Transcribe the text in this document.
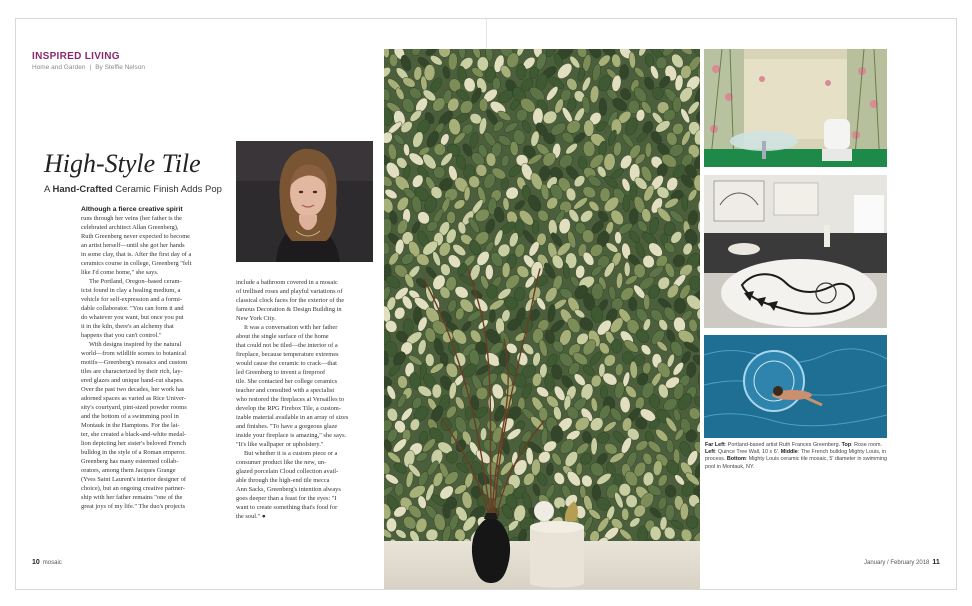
INSPIRED LIVING
Home and Garden | By Steffie Nelson
High-Style Tile
A Hand-Crafted Ceramic Finish Adds Pop

Although a fierce creative spirit
runs through her veins (her father is the
celebrated architect Allan Greenberg),
Ruth Greenberg never expected to become
an artist herself—until she got her hands
in some clay, that is. After the first day of a
ceramics course in college, Greenberg "felt
like I'd come home," she says.

The Portland, Oregon–based ceram-
icist found in clay a healing medium, a
vehicle for self-expression and a formi-
dable collaborator. "You can form it and
do whatever you want, but once you put
it in the kiln, there's an alchemy that
happens that you can't control."

With designs inspired by the natural
world—from wildlife scenes to botanical
motifs—Greenberg's mosaics and custom
tiles are characterized by their rich, lay-
ered glazes and unique hand-cut shapes.
Over the past two decades, her work has
adorned spaces as varied as Rice Univer-
sity's courtyard, pint-sized powder rooms
and the bottom of a swimming pool in
Montauk in the Hamptons. For the lat-
ter, she created a black-and-white medal-
lion depicting her sister's beloved French
bulldog in the style of a Roman emperor.
Greenberg has many esteemed collab-
orators, among them Jacques Grange
(Yves Saint Laurent's interior designer of
choice), but an ongoing creative partner-
ship with her father remains "one of the
great joys of my life." The duo's projects

include a bathroom covered in a mosaic
of trellised roses and playful variations of
classical clock faces for the exterior of the
famous Decoration & Design Building in
New York City.

It was a conversation with her father
about the single surface of the home
that could not be tiled—the interior of a
fireplace, because temperature extremes
would cause the ceramic to crack—that
led Greenberg to invent a fireproof
tile. She contacted her college ceramics
teacher and consulted with a specialist
who restored the fireplaces at Versailles to
develop the RPG Firebox Tile, a custom-
izable material available in an array of sizes
and finishes. "To have a gorgeous glaze
inside your fireplace is amazing," she says.
"It's like wallpaper or upholstery."

But whether it is a custom piece or a
consumer product like the new, un-
glazed porcelain Cloud collection avail-
able through the high-end tile mecca
Ann Sacks, Greenberg's intention always
goes deeper than a feast for the eyes: "I
want to create something that's food for
the soul." ●

10 mosaic
Far Left: Portland-based artist Ruth Frances Greenberg. Top: Rose room. Left: Quince Tree Wall, 10 x 6'. Middle: The French bulldog Mighty Louis, in process. Bottom: Mighty Louis ceramic tile mosaic, 5' diameter in swimming pool in Montauk, NY.
January / February 2018 11
